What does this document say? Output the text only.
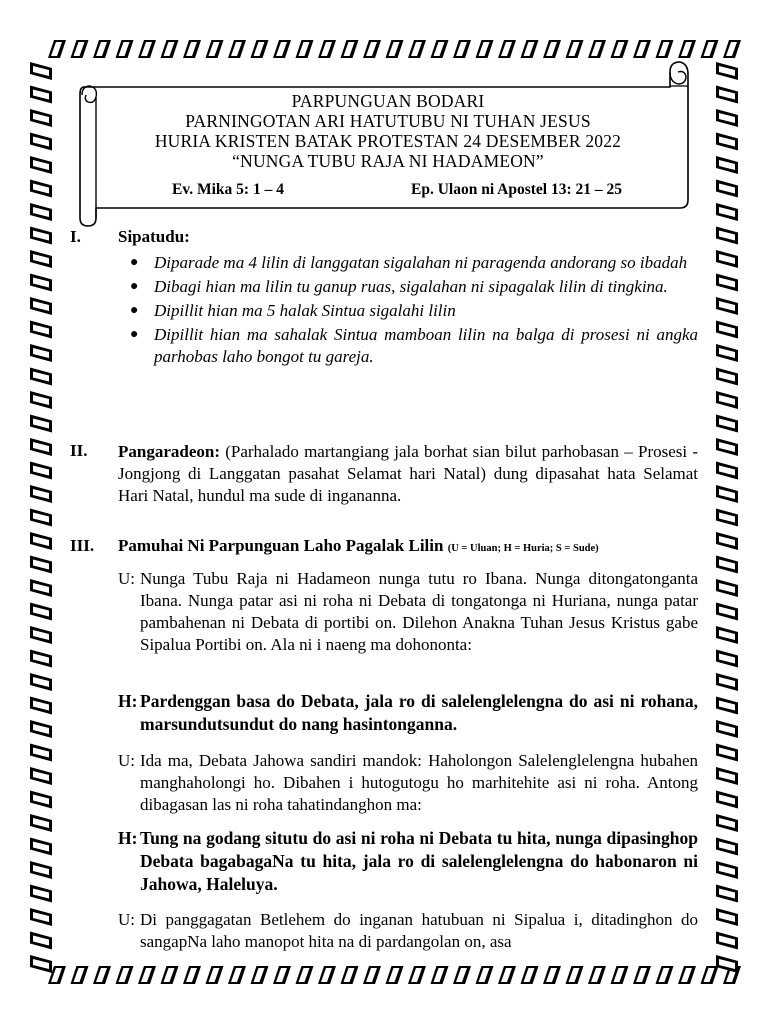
PARPUNGUAN BODARI
PARNINGOTAN ARI HATUTUBU NI TUHAN JESUS
HURIA KRISTEN BATAK PROTESTAN 24 DESEMBER 2022
“NUNGA TUBU RAJA NI HADAMEON”
Ev. Mika 5: 1 – 4	Ep. Ulaon ni Apostel 13: 21 – 25
I. Sipatudu:
● Diparade ma 4 lilin di langgatan sigalahan ni paragenda andorang so ibadah
● Dibagi hian ma lilin tu ganup ruas, sigalahan ni sipagalak lilin di tingkina.
● Dipillit hian ma 5 halak Sintua sigalahi lilin
● Dipillit hian ma sahalak Sintua mamboan lilin na balga di prosesi ni angka parhobas laho bongot tu gareja.
II. Pangaradeon: (Parhalado martangiang jala borhat sian bilut parhobasan – Prosesi - Jongjong di Langgatan pasahat Selamat hari Natal) dung dipasahat hata Selamat Hari Natal, hundul ma sude di inganannа.
III. Pamuhai Ni Parpunguan Laho Pagalak Lilin (U = Uluan; H = Huria; S = Sude)
U: Nunga Tubu Raja ni Hadameon nunga tutu ro Ibana. Nunga ditongatonganta Ibana. Nunga patar asi ni roha ni Debata di tongatonga ni Huriana, nunga patar pambahenan ni Debata di portibi on. Dilehon Anakna Tuhan Jesus Kristus gabe Sipalua Portibi on. Ala ni i naeng ma dohononta:
H: Pardenggan basa do Debata, jala ro di salelenglelengna do asi ni rohana, marsundutsundut do nang hasintonganna.
U: Ida ma, Debata Jahowa sandiri mandok: Haholongon Salelenglelengna hubahen manghaholongi ho. Dibahen i hutogutogu ho marhitehite asi ni roha. Antong dibagasan las ni roha tahatindanghon ma:
H: Tung na godang situtu do asi ni roha ni Debata tu hita, nunga dipasinghop Debata bagabagaNa tu hita, jala ro di salelenglelengna do habonaron ni Jahowa, Haleluya.
U: Di panggagatan Betlehem do inganan hatubuan ni Sipalua i, ditadinghon do sangapNa laho manopot hita na di pardangolan on, asa
